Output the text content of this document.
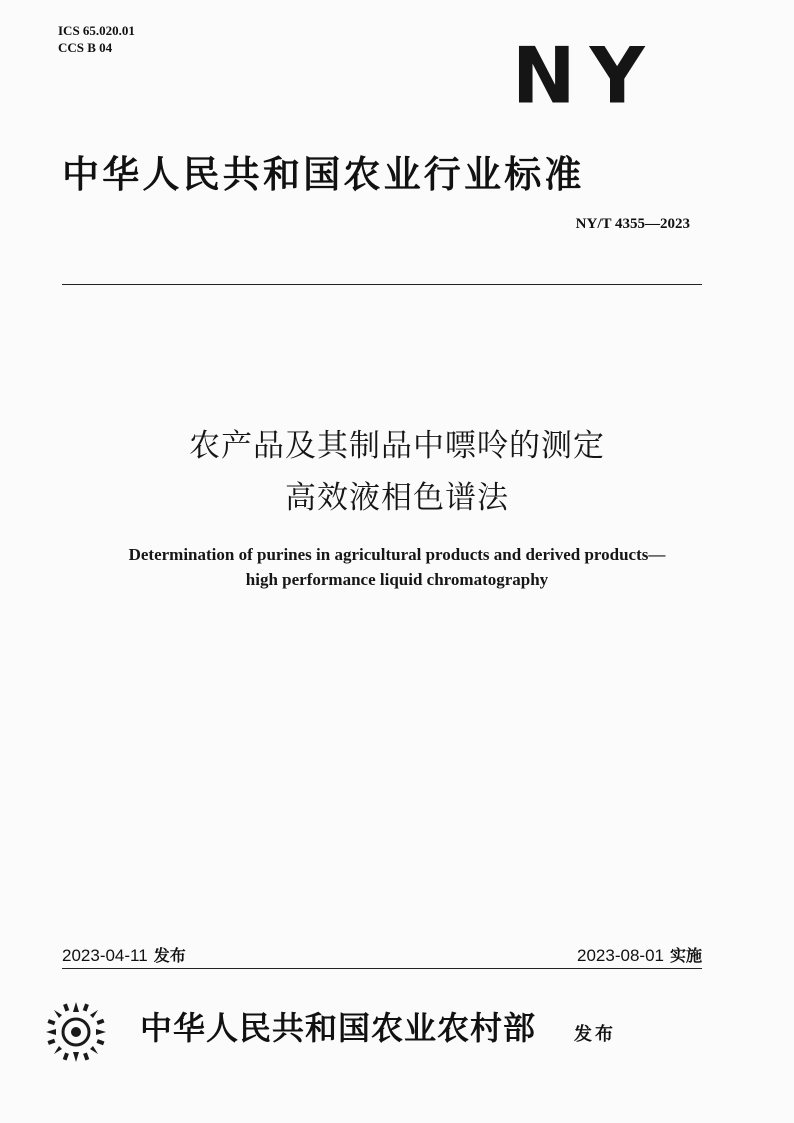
ICS 65.020.01
CCS B 04	NY
中华人民共和国农业行业标准
NY/T 4355—2023
农产品及其制品中嘌呤的测定
高效液相色谱法
Determination of purines in agricultural products and derived products—
high performance liquid chromatography
2023-04-11 发布	2023-08-01 实施
中华人民共和国农业农村部 发布
